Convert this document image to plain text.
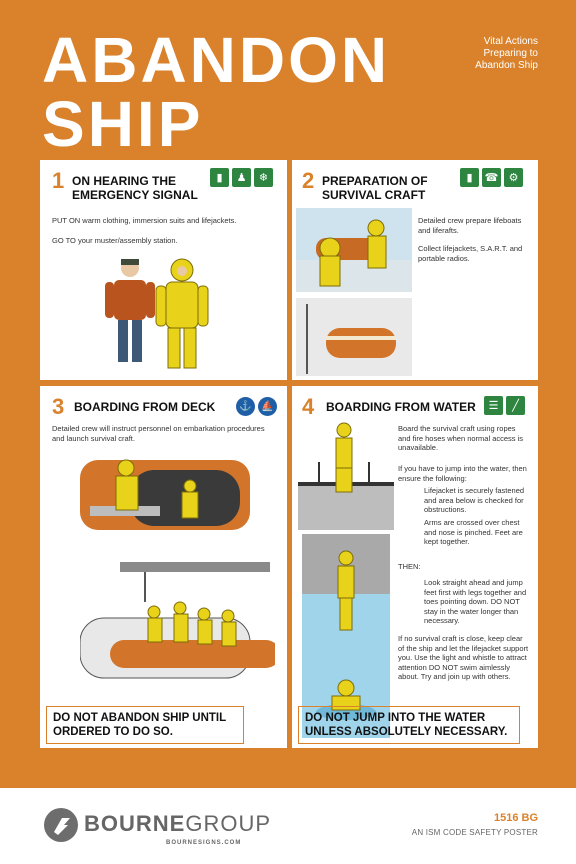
ABANDON
SHIP
Vital Actions
Preparing to
Abandon Ship
1 ON HEARING THE
EMERGENCY SIGNAL
▮	♟	❄
PUT ON warm clothing, immersion suits and lifejackets.
GO TO your muster/assembly station.
2 PREPARATION OF
SURVIVAL CRAFT
▮	☎ ⚙
Detailed crew prepare lifeboats and liferafts.
Collect lifejackets, S.A.R.T. and portable radios.
3 BOARDING FROM DECK	⚓ ⛵
Detailed crew will instruct personnel on embarkation procedures and launch survival craft.
DO NOT ABANDON SHIP UNTIL
ORDERED TO DO SO.
4 BOARDING FROM WATER	☰	╱
Board the survival craft using ropes and fire hoses when normal access is unavailable.
If you have to jump into the water, then ensure the following:
Lifejacket is securely fastened and area below is checked for obstructions.
Arms are crossed over chest and nose is pinched. Feet are kept together.
THEN:
Look straight ahead and jump feet first with legs together and toes pointing down. DO NOT stay in the water longer than necessary.
If no survival craft is close, keep clear of the ship and let the lifejacket support you. Use the light and whistle to attract attention DO NOT swim aimlessly about. Try and join up with others.
DO NOT JUMP INTO THE WATER
UNLESS ABSOLUTELY NECESSARY.
BOURNEGROUP
BOURNESIGNS.COM
1516 BG
AN ISM CODE SAFETY POSTER
